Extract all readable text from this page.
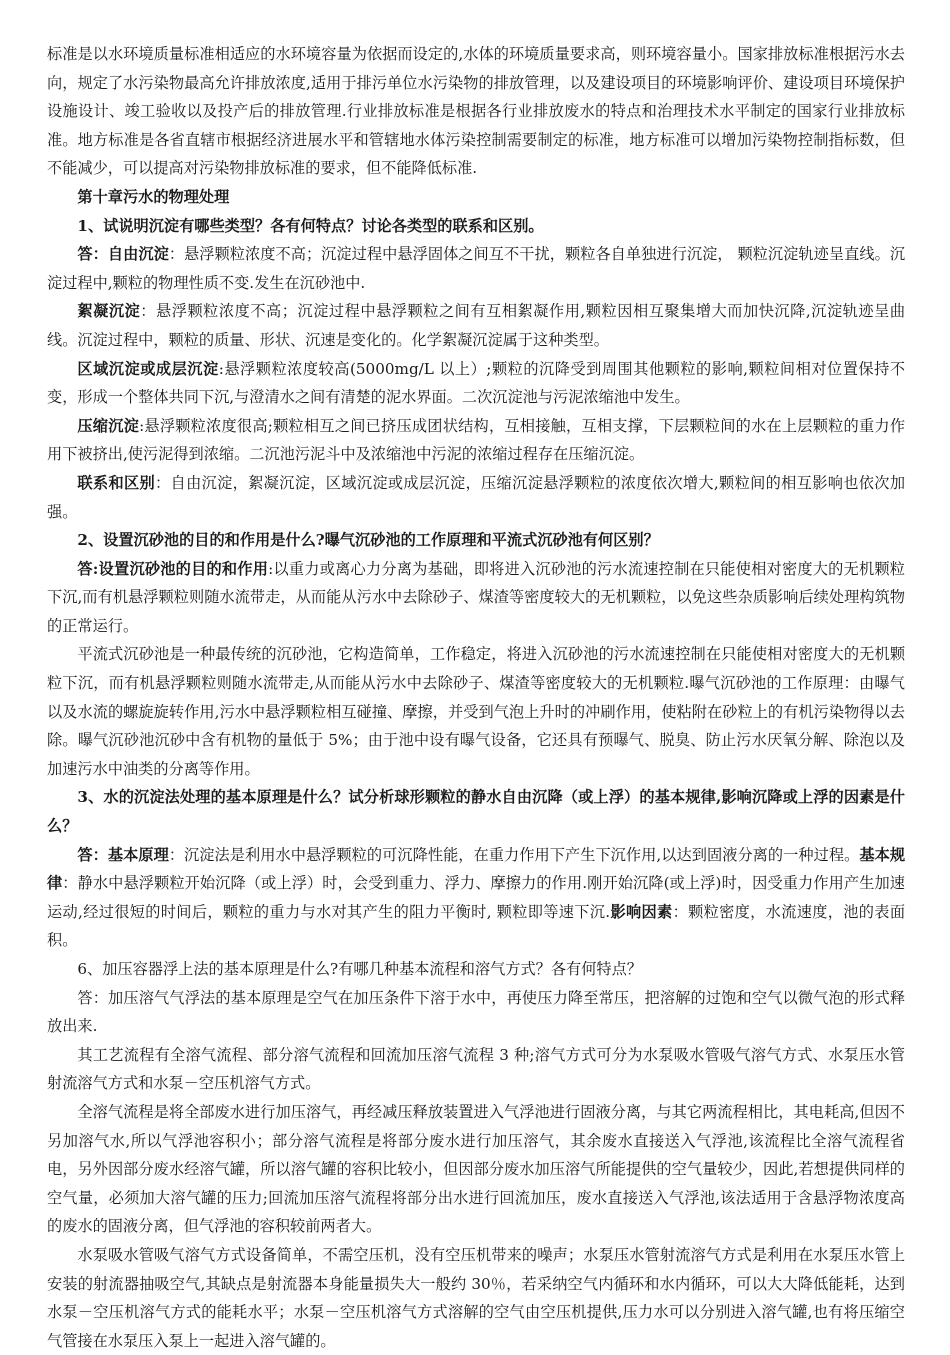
标准是以水环境质量标准相适应的水环境容量为依据而设定的,水体的环境质量要求高，则环境容量小。国家排放标准根据污水去向，规定了水污染物最高允许排放浓度,适用于排污单位水污染物的排放管理，以及建设项目的环境影响评价、建设项目环境保护设施设计、竣工验收以及投产后的排放管理.行业排放标准是根据各行业排放废水的特点和治理技术水平制定的国家行业排放标准。地方标准是各省直辖市根据经济进展水平和管辖地水体污染控制需要制定的标准，地方标准可以增加污染物控制指标数，但不能减少，可以提高对污染物排放标准的要求，但不能降低标准.

第十章污水的物理处理

1、试说明沉淀有哪些类型？各有何特点？讨论各类型的联系和区别。

答：自由沉淀：悬浮颗粒浓度不高；沉淀过程中悬浮固体之间互不干扰，颗粒各自单独进行沉淀， 颗粒沉淀轨迹呈直线。沉淀过程中,颗粒的物理性质不变.发生在沉砂池中.

絮凝沉淀：悬浮颗粒浓度不高；沉淀过程中悬浮颗粒之间有互相絮凝作用,颗粒因相互聚集增大而加快沉降,沉淀轨迹呈曲线。沉淀过程中，颗粒的质量、形状、沉速是变化的。化学絮凝沉淀属于这种类型。

区域沉淀或成层沉淀:悬浮颗粒浓度较高(5000mg/L 以上）;颗粒的沉降受到周围其他颗粒的影响,颗粒间相对位置保持不变，形成一个整体共同下沉,与澄清水之间有清楚的泥水界面。二次沉淀池与污泥浓缩池中发生。

压缩沉淀:悬浮颗粒浓度很高;颗粒相互之间已挤压成团状结构，互相接触，互相支撑，下层颗粒间的水在上层颗粒的重力作用下被挤出,使污泥得到浓缩。二沉池污泥斗中及浓缩池中污泥的浓缩过程存在压缩沉淀。

联系和区别：自由沉淀，絮凝沉淀，区域沉淀或成层沉淀，压缩沉淀悬浮颗粒的浓度依次增大,颗粒间的相互影响也依次加强。

2、设置沉砂池的目的和作用是什么?曝气沉砂池的工作原理和平流式沉砂池有何区别？

答:设置沉砂池的目的和作用:以重力或离心力分离为基础，即将进入沉砂池的污水流速控制在只能使相对密度大的无机颗粒下沉,而有机悬浮颗粒则随水流带走，从而能从污水中去除砂子、煤渣等密度较大的无机颗粒，以免这些杂质影响后续处理构筑物的正常运行。

平流式沉砂池是一种最传统的沉砂池，它构造简单，工作稳定，将进入沉砂池的污水流速控制在只能使相对密度大的无机颗粒下沉，而有机悬浮颗粒则随水流带走,从而能从污水中去除砂子、煤渣等密度较大的无机颗粒.曝气沉砂池的工作原理：由曝气以及水流的螺旋旋转作用,污水中悬浮颗粒相互碰撞、摩擦，并受到气泡上升时的冲刷作用，使粘附在砂粒上的有机污染物得以去除。曝气沉砂池沉砂中含有机物的量低于 5%；由于池中设有曝气设备，它还具有预曝气、脱臭、防止污水厌氧分解、除泡以及加速污水中油类的分离等作用。

3、水的沉淀法处理的基本原理是什么？试分析球形颗粒的静水自由沉降（或上浮）的基本规律,影响沉降或上浮的因素是什么？

答：基本原理：沉淀法是利用水中悬浮颗粒的可沉降性能，在重力作用下产生下沉作用,以达到固液分离的一种过程。基本规律：静水中悬浮颗粒开始沉降（或上浮）时，会受到重力、浮力、摩擦力的作用.刚开始沉降(或上浮)时，因受重力作用产生加速运动,经过很短的时间后，颗粒的重力与水对其产生的阻力平衡时, 颗粒即等速下沉.影响因素：颗粒密度，水流速度，池的表面积。

6、加压容器浮上法的基本原理是什么?有哪几种基本流程和溶气方式？各有何特点？

答：加压溶气气浮法的基本原理是空气在加压条件下溶于水中，再使压力降至常压，把溶解的过饱和空气以微气泡的形式释放出来.

其工艺流程有全溶气流程、部分溶气流程和回流加压溶气流程 3 种;溶气方式可分为水泵吸水管吸气溶气方式、水泵压水管射流溶气方式和水泵－空压机溶气方式。

全溶气流程是将全部废水进行加压溶气，再经减压释放装置进入气浮池进行固液分离，与其它两流程相比，其电耗高,但因不另加溶气水,所以气浮池容积小；部分溶气流程是将部分废水进行加压溶气，其余废水直接送入气浮池,该流程比全溶气流程省电，另外因部分废水经溶气罐，所以溶气罐的容积比较小，但因部分废水加压溶气所能提供的空气量较少，因此,若想提供同样的空气量，必须加大溶气罐的压力;回流加压溶气流程将部分出水进行回流加压，废水直接送入气浮池,该法适用于含悬浮物浓度高的废水的固液分离，但气浮池的容积较前两者大。

水泵吸水管吸气溶气方式设备简单，不需空压机，没有空压机带来的噪声；水泵压水管射流溶气方式是利用在水泵压水管上安装的射流器抽吸空气,其缺点是射流器本身能量损失大一般约 30％，若采纳空气内循环和水内循环，可以大大降低能耗，达到水泵－空压机溶气方式的能耗水平；水泵－空压机溶气方式溶解的空气由空压机提供,压力水可以分别进入溶气罐,也有将压缩空气管接在水泵压入泵上一起进入溶气罐的。
